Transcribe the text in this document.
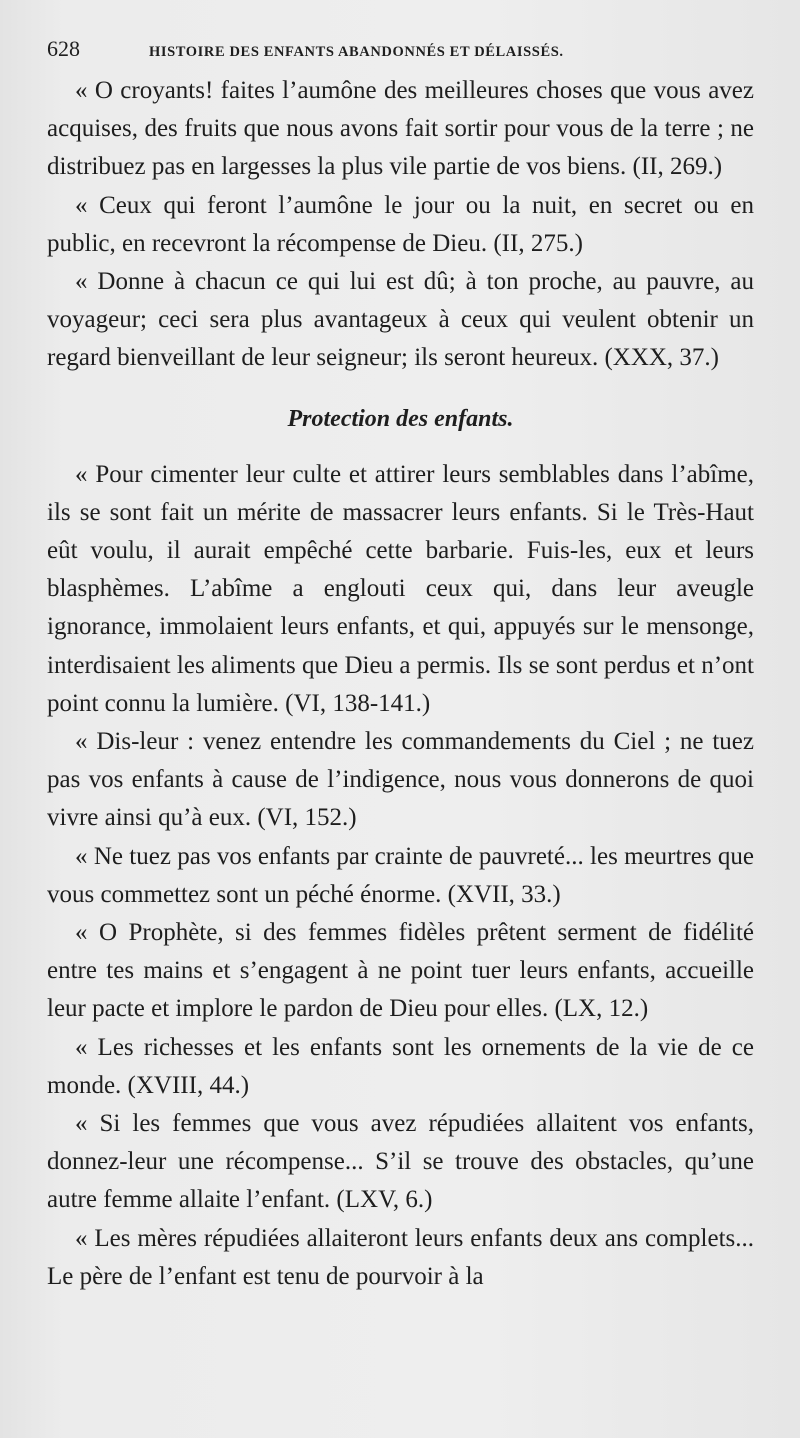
628	HISTOIRE DES ENFANTS ABANDONNÉS ET DÉLAISSÉS.

« O croyants! faites l’aumône des meilleures choses que vous avez acquises, des fruits que nous avons fait sortir pour vous de la terre ; ne distribuez pas en largesses la plus vile partie de vos biens. (II, 269.)

« Ceux qui feront l’aumône le jour ou la nuit, en secret ou en public, en recevront la récompense de Dieu. (II, 275.)

« Donne à chacun ce qui lui est dû; à ton proche, au pauvre, au voyageur; ceci sera plus avantageux à ceux qui veulent obtenir un regard bienveillant de leur seigneur; ils seront heureux. (XXX, 37.)

Protection des enfants.

« Pour cimenter leur culte et attirer leurs semblables dans l’abîme, ils se sont fait un mérite de massacrer leurs enfants. Si le Très-Haut eût voulu, il aurait empêché cette barbarie. Fuis-les, eux et leurs blasphèmes. L’abîme a englouti ceux qui, dans leur aveugle ignorance, immolaient leurs enfants, et qui, appuyés sur le mensonge, interdisaient les aliments que Dieu a permis. Ils se sont perdus et n’ont point connu la lumière. (VI, 138-141.)

« Dis-leur : venez entendre les commandements du Ciel ; ne tuez pas vos enfants à cause de l’indigence, nous vous donnerons de quoi vivre ainsi qu’à eux. (VI, 152.)

« Ne tuez pas vos enfants par crainte de pauvreté... les meurtres que vous commettez sont un péché énorme. (XVII, 33.)

« O Prophète, si des femmes fidèles prêtent serment de fidélité entre tes mains et s’engagent à ne point tuer leurs enfants, accueille leur pacte et implore le pardon de Dieu pour elles. (LX, 12.)

« Les richesses et les enfants sont les ornements de la vie de ce monde. (XVIII, 44.)

« Si les femmes que vous avez répudiées allaitent vos enfants, donnez-leur une récompense... S’il se trouve des obstacles, qu’une autre femme allaite l’enfant. (LXV, 6.)

« Les mères répudiées allaiteront leurs enfants deux ans complets... Le père de l’enfant est tenu de pourvoir à la
